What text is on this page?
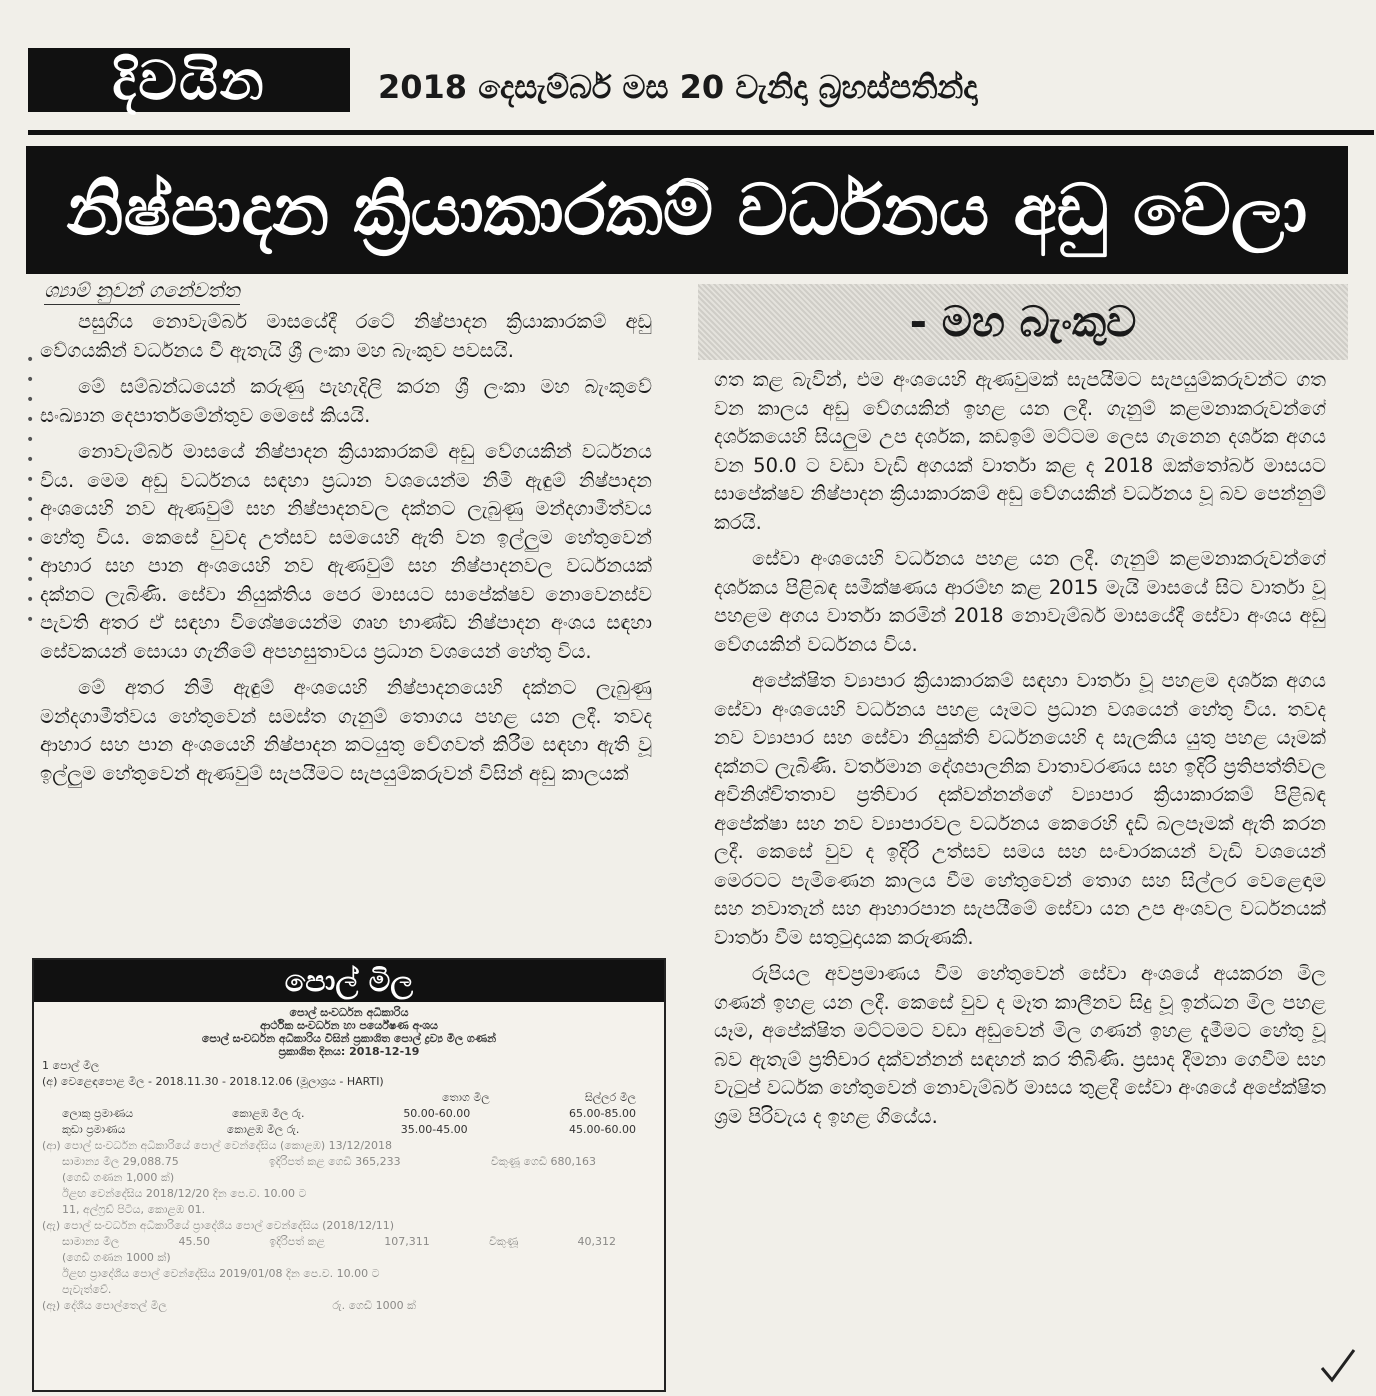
දිවයින	2018 දෙසැම්බර් මස 20 වැනිදා බ්‍රහස්පතින්දා
නිෂ්පාදන ක්‍රියාකාරකම් වර්ධනය අඩු වෙලා
- මහ බැංකුව
ශ්‍යාම් නුවන් ගනේවත්ත
•
•
•
•
•
•
•
•
•
•
•
•
•
•

පසුගිය නොවැම්බර් මාසයේදී රටේ නිෂ්පාදන ක්‍රියාකාරකම් අඩු වේගයකින් වර්ධනය වී ඇතැයි ශ්‍රී ලංකා මහ බැංකුව පවසයි.

මේ සම්බන්ධයෙන් කරුණු පැහැදිලි කරන ශ්‍රී ලංකා මහ බැංකුවේ සංඛ්‍යාන දෙපාර්තමේන්තුව මෙසේ කියයි.

නොවැම්බර් මාසයේ නිෂ්පාදන ක්‍රියාකාරකම් අඩු වේගයකින් වර්ධනය විය. මෙම අඩු වර්ධනය සඳහා ප්‍රධාන වශයෙන්ම නිමි ඇඳුම් නිෂ්පාදන අංශයෙහි නව ඇණවුම් සහ නිෂ්පාදනවල දක්නට ලැබුණු මන්දගාමීත්වය හේතු විය. කෙසේ වුවද උත්සව සමයෙහි ඇති වන ඉල්ලුම හේතුවෙන් ආහාර සහ පාන අංශයෙහි නව ඇණවුම් සහ නිෂ්පාදනවල වර්ධනයක් දක්නට ලැබිණි. සේවා නියුක්තිය පෙර මාසයට සාපේක්ෂව නොවෙනස්ව පැවති අතර ඒ සඳහා විශේෂයෙන්ම ගෘහ භාණ්ඩ නිෂ්පාදන අංශය සඳහා සේවකයන් සොයා ගැනීමේ අපහසුතාවය ප්‍රධාන වශයෙන් හේතු විය.

මේ අතර නිමි ඇඳුම් අංශයෙහි නිෂ්පාදනයෙහි දක්නට ලැබුණු මන්දගාමීත්වය හේතුවෙන් සමස්ත ගැනුම් තොගය පහළ යන ලදී. තවද ආහාර සහ පාන අංශයෙහි නිෂ්පාදන කටයුතු වේගවත් කිරීම සඳහා ඇති වූ ඉල්ලුම හේතුවෙන් ඇණවුම් සැපයීමට සැපයුම්කරුවන් විසින් අඩු කාලයක්

ගත කළ බැවින්, එම අංශයෙහි ඇණවුමක් සැපයීමට සැපයුම්කරුවන්ට ගත වන කාලය අඩු වේගයකින් ඉහළ යන ලදී. ගැනුම් කළමනාකරුවන්ගේ දර්ශකයෙහි සියලුම උප දර්ශක, කඩඉම් මට්ටම ලෙස ගැනෙන දර්ශක අගය වන 50.0 ට වඩා වැඩි අගයක් වාර්තා කළ ද 2018 ඔක්තෝබර් මාසයට සාපේක්ෂව නිෂ්පාදන ක්‍රියාකාරකම් අඩු වේගයකින් වර්ධනය වූ බව පෙන්නුම් කරයි.

සේවා අංශයෙහි වර්ධනය පහළ යන ලදී. ගැනුම් කළමනාකරුවන්ගේ දර්ශකය පිළිබඳ සමීක්ෂණය ආරම්භ කළ 2015 මැයි මාසයේ සිට වාර්තා වූ පහළම අගය වාර්තා කරමින් 2018 නොවැම්බර් මාසයේදී සේවා අංශය අඩු වේගයකින් වර්ධනය විය.

අපේක්ෂිත ව්‍යාපාර ක්‍රියාකාරකම් සඳහා වාර්තා වූ පහළම දර්ශක අගය සේවා අංශයෙහි වර්ධනය පහළ යෑමට ප්‍රධාන වශයෙන් හේතු විය. තවද නව ව්‍යාපාර සහ සේවා නියුක්ති වර්ධනයෙහි ද සැලකිය යුතු පහළ යෑමක් දක්නට ලැබිණි. වර්තමාන දේශපාලනික වාතාවරණය සහ ඉදිරි ප්‍රතිපත්තිවල අවිනිශ්චිතතාව ප්‍රතිචාර දක්වන්නන්ගේ ව්‍යාපාර ක්‍රියාකාරකම් පිළිබඳ අපේක්ෂා සහ නව ව්‍යාපාරවල වර්ධනය කෙරෙහි දැඩි බලපෑමක් ඇති කරන ලදී. කෙසේ වුව ද ඉදිරි උත්සව සමය සහ සංචාරකයන් වැඩි වශයෙන් මෙරටට පැමිණෙන කාලය වීම හේතුවෙන් තොග සහ සිල්ලර වෙළෙඳාම සහ නවාතැන් සහ ආහාරපාන සැපයීමේ සේවා යන උප අංශවල වර්ධනයක් වාර්තා වීම සතුටුදායක කරුණකි.

රුපියල අවප්‍රමාණය වීම හේතුවෙන් සේවා අංශයේ අයකරන මිල ගණන් ඉහළ යන ලදී. කෙසේ වුව ද මෑත කාලීනව සිදු වූ ඉන්ධන මිල පහළ යෑම, අපේක්ෂිත මට්ටමට වඩා අඩුවෙන් මිල ගණන් ඉහළ දැමීමට හේතු වූ බව ඇතැම් ප්‍රතිචාර දක්වන්නන් සඳහන් කර තිබිණි. ප්‍රසාද දීමනා ගෙවීම සහ වැටුප් වර්ධක හේතුවෙන් නොවැම්බර් මාසය තුළදී සේවා අංශයේ අපේක්ෂිත ශ්‍රම පිරිවැය ද ඉහළ ගියේය.

පොල් මිල
පොල් සංවර්ධන අධිකාරිය
ආර්ථික සංවර්ධන හා පර්යේෂණ අංශය
පොල් සංවර්ධන අධිකාරිය විසින් ප්‍රකාශිත පොල් ද්‍රව්‍ය මිල ගණන්
ප්‍රකාශිත දිනය: 2018-12-19
1 පොල් මිල
(අ) වෙළෙඳපොළ මිල - 2018.11.30 - 2018.12.06 (මූලාශ්‍රය - HARTI)
තොග මිල	සිල්ලර මිල
ලොකු ප්‍රමාණය	කොළඹ මිල රු.	50.00-60.00	65.00-85.00
කුඩා ප්‍රමාණය	කොළඹ මිල රු.	35.00-45.00	45.00-60.00
(ආ) පොල් සංවර්ධන අධිකාරියේ පොල් වෙන්දේසිය (කොළඹ) 13/12/2018
සාමාන්‍ය මිල 29,088.75	ඉදිරිපත් කළ ගෙඩි 365,233	විකුණූ ගෙඩි 680,163
(ගෙඩි ගණන 1,000 ක්)
ඊළඟ වෙන්දේසිය 2018/12/20 දින පෙ.ව. 10.00 ට
11, අල්ෆ්‍රඩ් පිටිය, කොළඹ 01.
(ඇ) පොල් සංවර්ධන අධිකාරියේ ප්‍රාදේශීය පොල් වෙන්දේසිය (2018/12/11)
සාමාන්‍ය මිල	45.50	ඉදිරිපත් කළ	107,311	විකුණූ	40,312
(ගෙඩි ගණන 1000 ක්)
ඊළඟ ප්‍රාදේශීය පොල් වෙන්දේසිය 2019/01/08 දින පෙ.ව. 10.00 ට
පැවැත්වේ.
(ඈ) දේශීය පොල්තෙල් මිල	රු. ගෙඩි 1000 ක්
